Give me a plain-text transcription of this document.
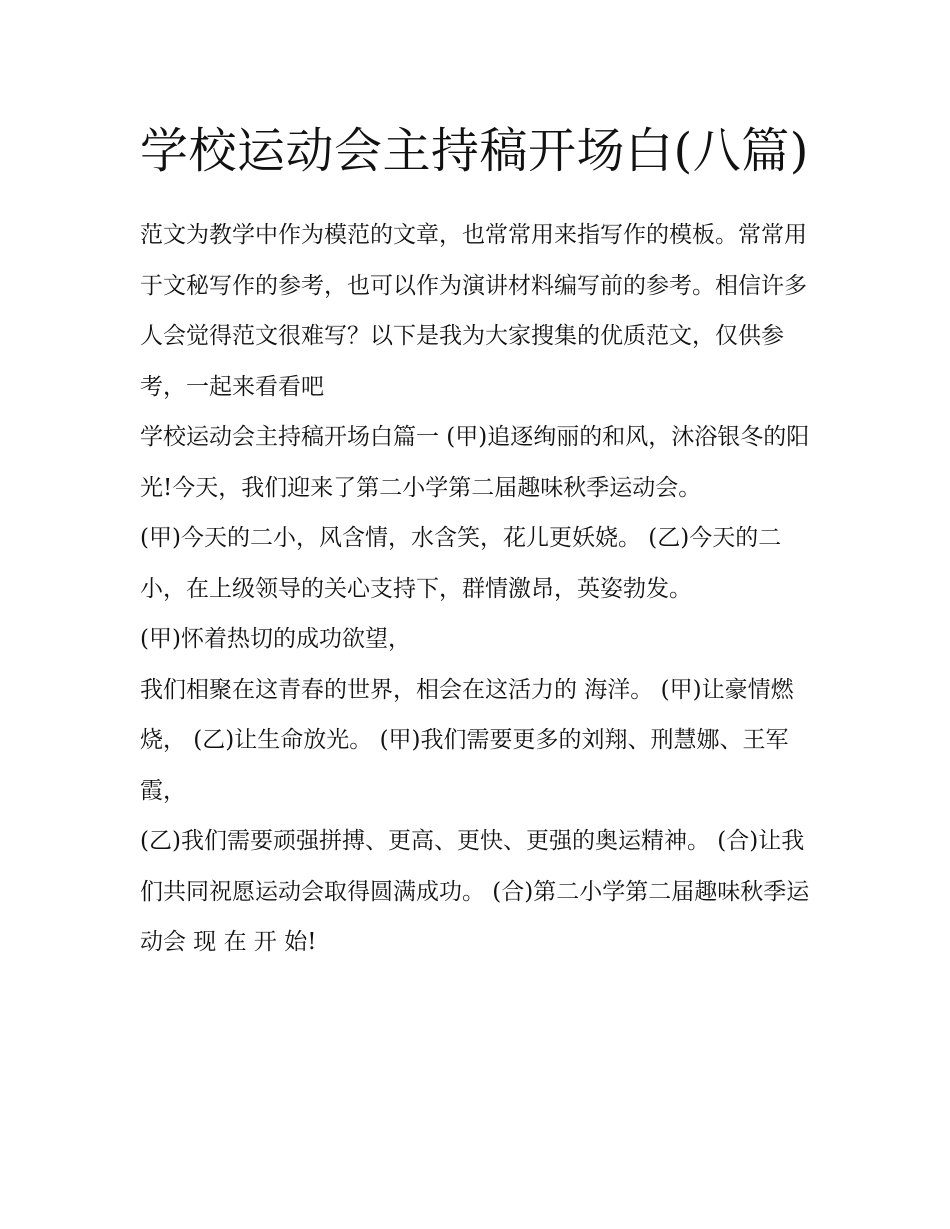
学校运动会主持稿开场白(八篇)

范文为教学中作为模范的文章，也常常用来指写作的模板。常常用于文秘写作的参考，也可以作为演讲材料编写前的参考。相信许多人会觉得范文很难写？以下是我为大家搜集的优质范文，仅供参考，一起来看看吧

学校运动会主持稿开场白篇一 (甲)追逐绚丽的和风，沐浴银冬的阳光!今天，我们迎来了第二小学第二届趣味秋季运动会。

(甲)今天的二小，风含情，水含笑，花儿更妖娆。 (乙)今天的二小，在上级领导的关心支持下，群情激昂，英姿勃发。

(甲)怀着热切的成功欲望，

我们相聚在这青春的世界，相会在这活力的 海洋。 (甲)让豪情燃烧， (乙)让生命放光。 (甲)我们需要更多的刘翔、刑慧娜、王军霞，

(乙)我们需要顽强拼搏、更高、更快、更强的奥运精神。 (合)让我们共同祝愿运动会取得圆满成功。 (合)第二小学第二届趣味秋季运动会 现 在 开 始!
